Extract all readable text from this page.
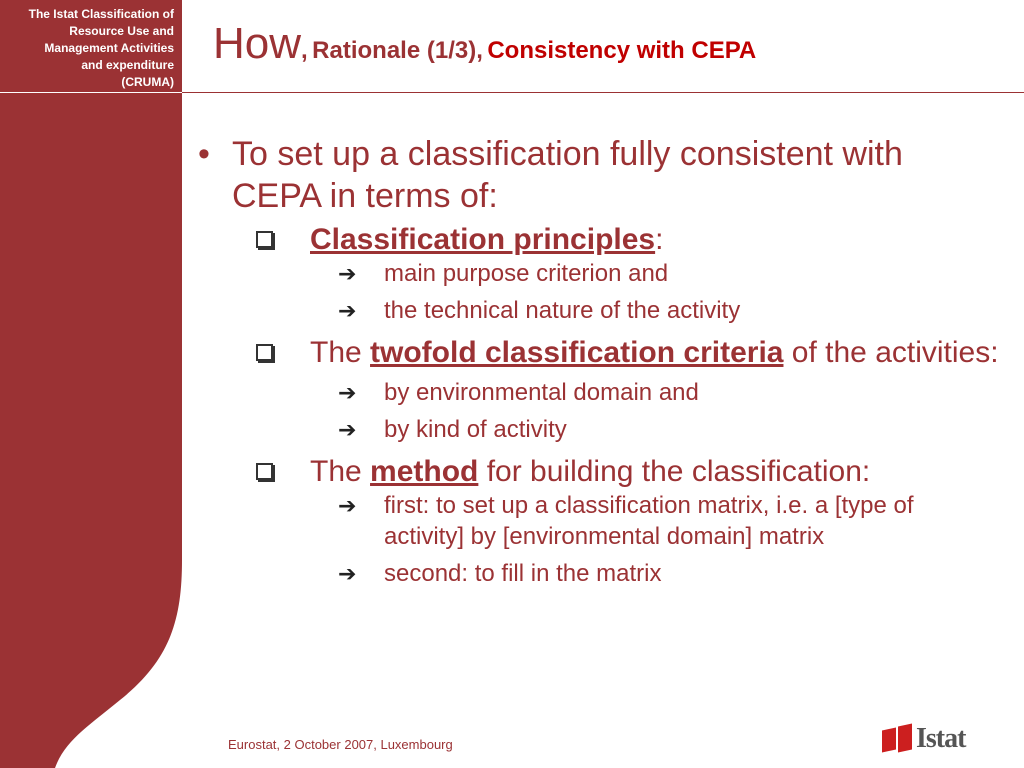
The Istat Classification of
Resource Use and
Management Activities
and expenditure
(CRUMA)
How, Rationale (1/3), Consistency with CEPA
• To set up a classification fully consistent with CEPA in terms of:
Classification principles:
➔ main purpose criterion and
➔ the technical nature of the activity
The twofold classification criteria of the activities:
➔ by environmental domain and
➔ by kind of activity
The method for building the classification:
➔ first: to set up a classification matrix, i.e. a [type of activity] by [environmental domain] matrix
➔ second: to fill in the matrix
Eurostat, 2 October 2007, Luxembourg	Istat
